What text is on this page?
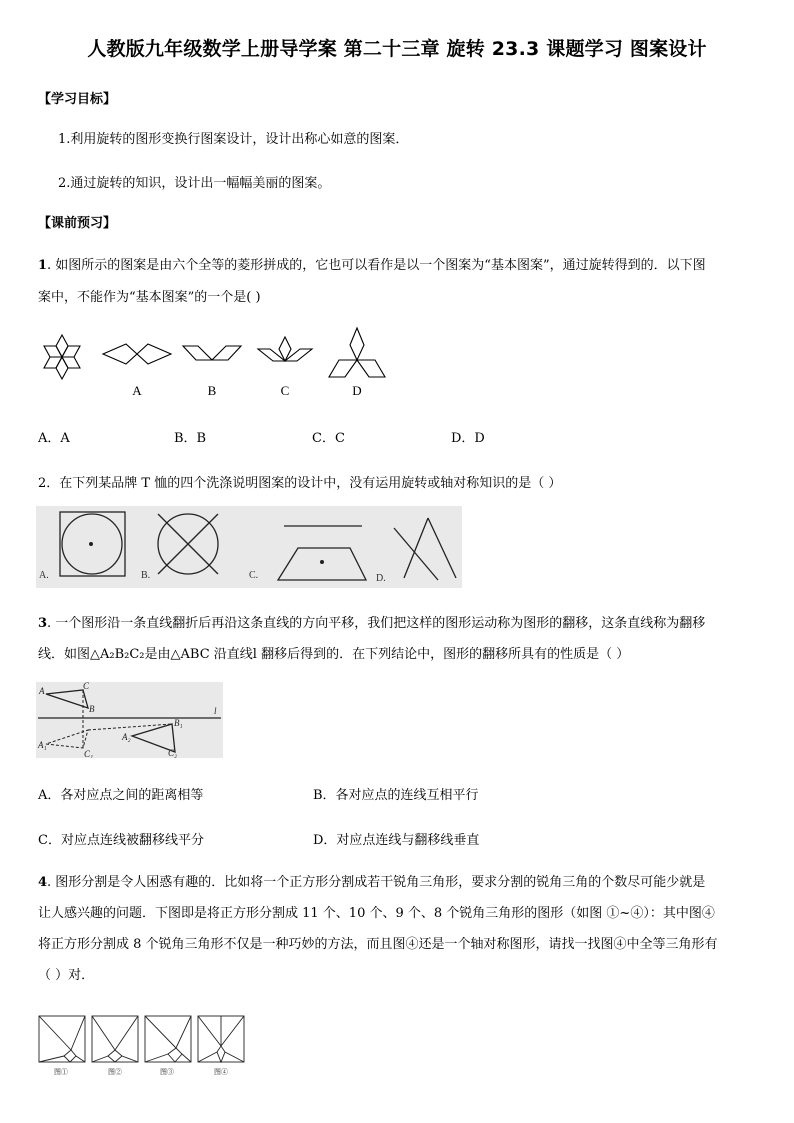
人教版九年级数学上册导学案 第二十三章 旋转 23.3 课题学习 图案设计
【学习目标】
1.利用旋转的图形变换行图案设计，设计出称心如意的图案．
2.通过旋转的知识，设计出一幅幅美丽的图案。
【课前预习】
1. 如图所示的图案是由六个全等的菱形拼成的，它也可以看作是以一个图案为“基本图案”，通过旋转得到的．以下图
案中，不能作为“基本图案”的一个是( )
A	B	C	D
A．A	B．B	C．C	D．D
2．在下列某品牌 T 恤的四个洗涤说明图案的设计中，没有运用旋转或轴对称知识的是（ ）
A.	B.	C.	D.
3. 一个图形沿一条直线翻折后再沿这条直线的方向平移，我们把这样的图形运动称为图形的翻移，这条直线称为翻移
线．如图△A₂B₂C₂是由△ABC 沿直线l 翻移后得到的．在下列结论中，图形的翻移所具有的性质是（ ）
A	C
B	l
A₁
C₁
B₁
A₂
C₂
A．各对应点之间的距离相等	B．各对应点的连线互相平行
C．对应点连线被翻移线平分	D．对应点连线与翻移线垂直
4. 图形分割是令人困惑有趣的．比如将一个正方形分割成若干锐角三角形，要求分割的锐角三角的个数尽可能少就是
让人感兴趣的问题．下图即是将正方形分割成 11 个、10 个、9 个、8 个锐角三角形的图形（如图 ①~④）：其中图④
将正方形分割成 8 个锐角三角形不仅是一种巧妙的方法，而且图④还是一个轴对称图形，请找一找图④中全等三角形有
（ ）对．
图①	图②	图③	图④
